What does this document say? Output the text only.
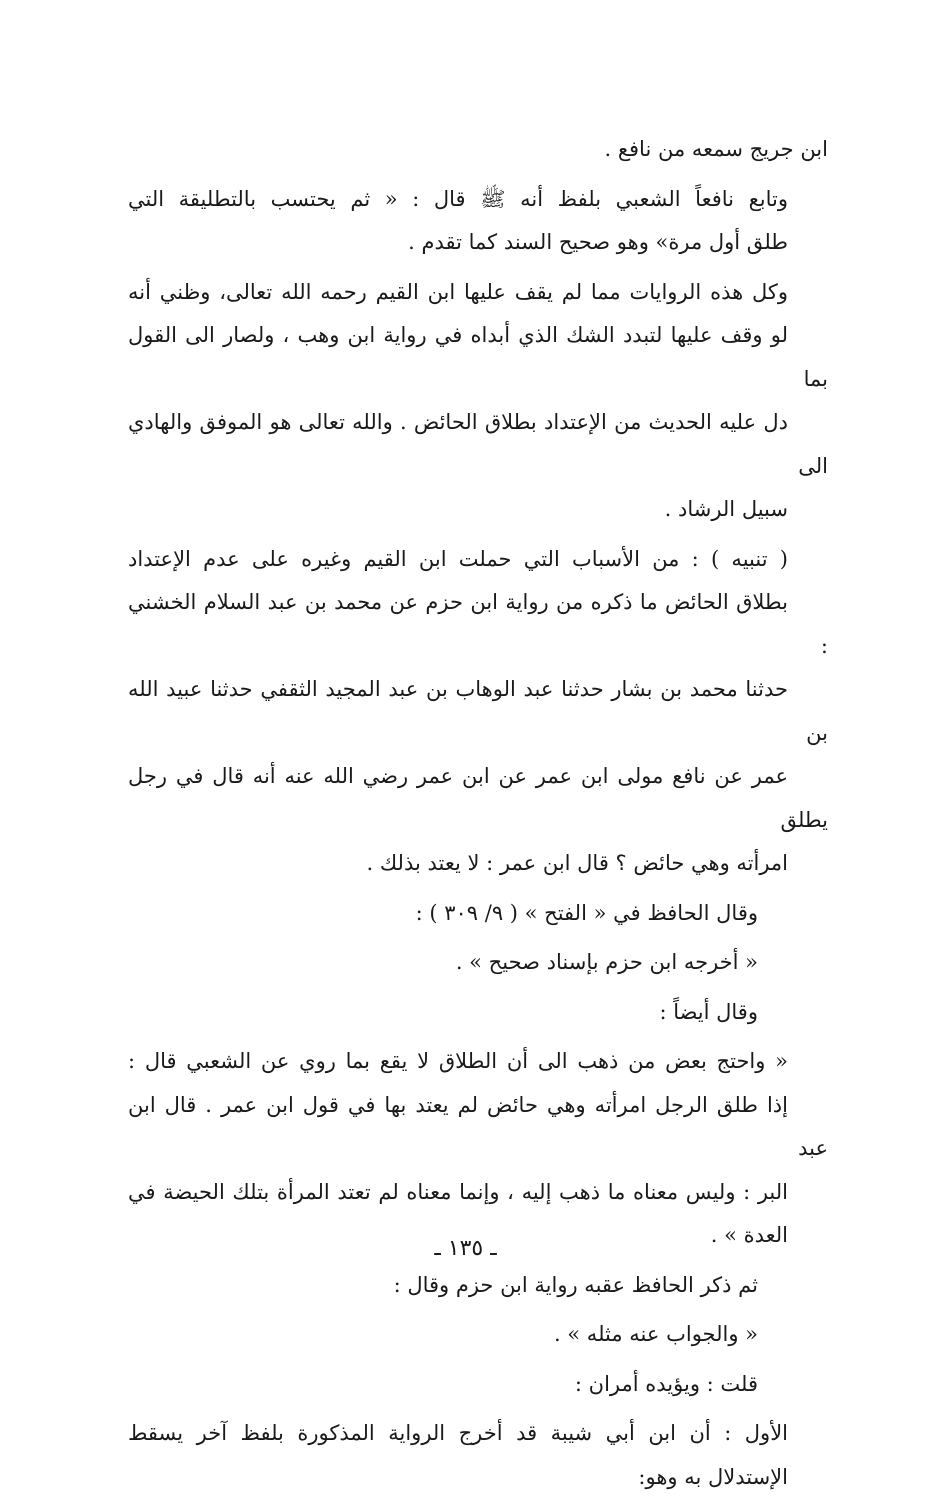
ابن جريج سمعه من نافع .

وتابع نافعاً الشعبي بلفظ أنه ﷺ قال : « ثم يحتسب بالتطليقة التي
طلق أول مرة» وهو صحيح السند كما تقدم .

وكل هذه الروايات مما لم يقف عليها ابن القيم رحمه الله تعالى، وظني أنه
لو وقف عليها لتبدد الشك الذي أبداه في رواية ابن وهب ، ولصار الى القول بما
دل عليه الحديث من الإعتداد بطلاق الحائض . والله تعالى هو الموفق والهادي الى
سبيل الرشاد .

( تنبيه ) : من الأسباب التي حملت ابن القيم وغيره على عدم الإعتداد
بطلاق الحائض ما ذكره من رواية ابن حزم عن محمد بن عبد السلام الخشني :
حدثنا محمد بن بشار حدثنا عبد الوهاب بن عبد المجيد الثقفي حدثنا عبيد الله بن
عمر عن نافع مولى ابن عمر عن ابن عمر رضي الله عنه أنه قال في رجل يطلق
امرأته وهي حائض ؟ قال ابن عمر : لا يعتد بذلك .

وقال الحافظ في « الفتح » ( ٩/ ٣٠٩ ) :

« أخرجه ابن حزم بإسناد صحيح » .

وقال أيضاً :

« واحتج بعض من ذهب الى أن الطلاق لا يقع بما روي عن الشعبي قال :
إذا طلق الرجل امرأته وهي حائض لم يعتد بها في قول ابن عمر . قال ابن عبد
البر : وليس معناه ما ذهب إليه ، وإنما معناه لم تعتد المرأة بتلك الحيضة في
العدة » .

ثم ذكر الحافظ عقبه رواية ابن حزم وقال :

« والجواب عنه مثله » .

قلت : ويؤيده أمران :

الأول : أن ابن أبي شيبة قد أخرج الرواية المذكورة بلفظ آخر يسقط
الإستدلال به وهو:

ـ ١٣٥ ـ
